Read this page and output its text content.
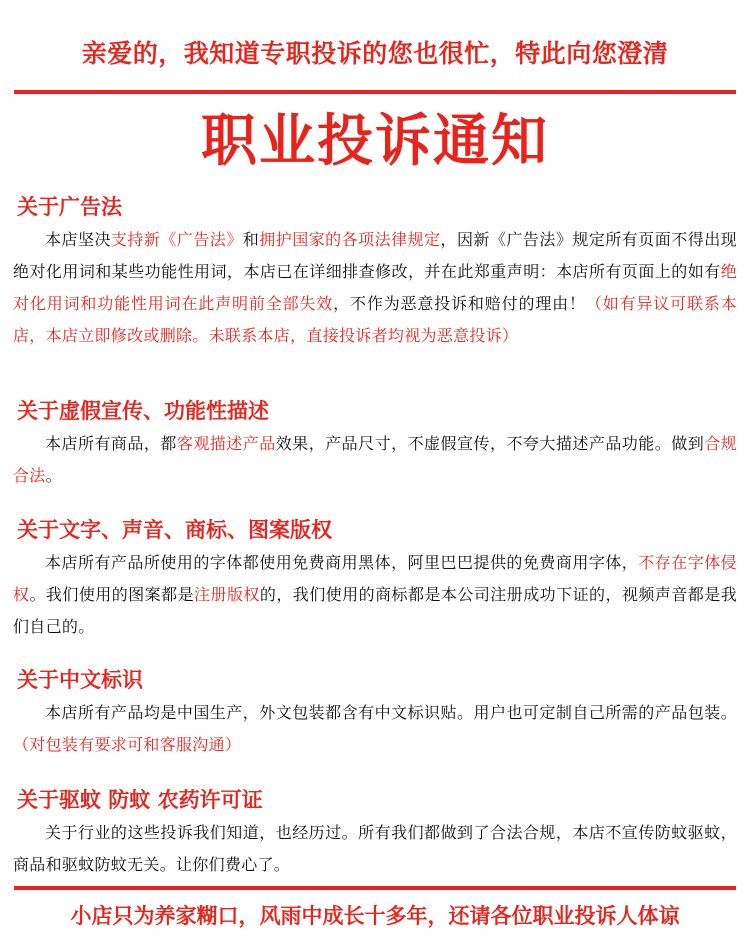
亲爱的，我知道专职投诉的您也很忙，特此向您澄清
职业投诉通知
关于广告法

本店坚决支持新《广告法》和拥护国家的各项法律规定，因新《广告法》规定所有页面不得出现绝对化用词和某些功能性用词，本店已在详细排查修改，并在此郑重声明：本店所有页面上的如有绝对化用词和功能性用词在此声明前全部失效，不作为恶意投诉和赔付的理由！（如有异议可联系本店，本店立即修改或删除。未联系本店，直接投诉者均视为恶意投诉）

关于虚假宣传、功能性描述

本店所有商品，都客观描述产品效果，产品尺寸，不虚假宣传，不夸大描述产品功能。做到合规合法。

关于文字、声音、商标、图案版权

本店所有产品所使用的字体都使用免费商用黑体，阿里巴巴提供的免费商用字体，不存在字体侵权。我们使用的图案都是注册版权的，我们使用的商标都是本公司注册成功下证的，视频声音都是我们自己的。

关于中文标识

本店所有产品均是中国生产，外文包装都含有中文标识贴。用户也可定制自己所需的产品包装。（对包装有要求可和客服沟通）

关于驱蚊 防蚊 农药许可证

关于行业的这些投诉我们知道，也经历过。所有我们都做到了合法合规，本店不宣传防蚊驱蚊，商品和驱蚊防蚊无关。让你们费心了。

小店只为养家糊口，风雨中成长十多年，还请各位职业投诉人体谅
